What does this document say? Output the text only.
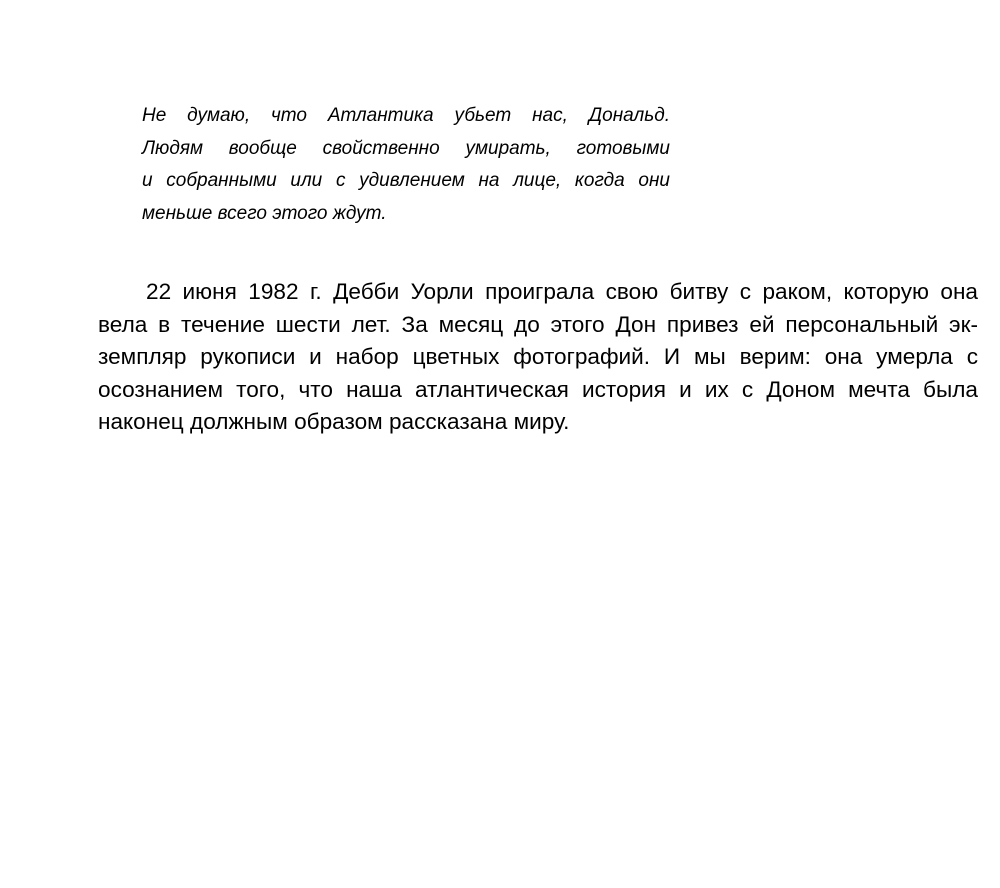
Не думаю, что Атлантика убьет нас, Дональд.
Людям вообще свойственно умирать, готовыми
и собранными или с удивлением на лице, когда они
меньше всего этого ждут.
22 июня 1982 г. Дебби Уорли проиграла свою битву с раком, которую она
вела в течение шести лет. За месяц до этого Дон привез ей персональный эк-
земпляр рукописи и набор цветных фотографий. И мы верим: она умерла с
осознанием того, что наша атлантическая история и их с Доном мечта была
наконец должным образом рассказана миру.
